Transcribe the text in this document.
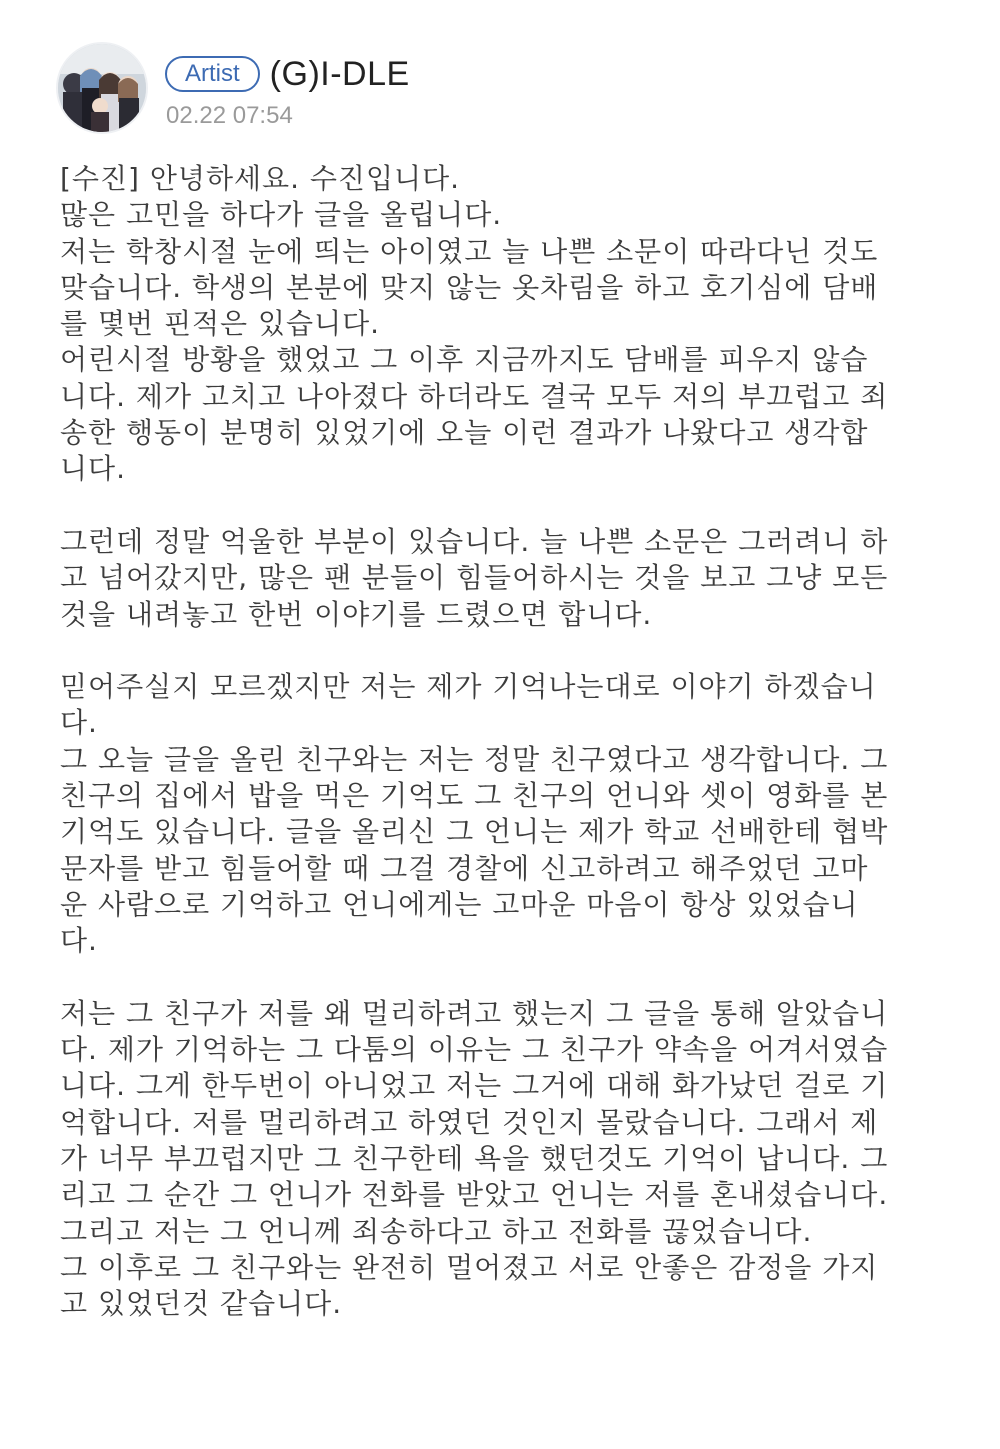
Artist (G)I-DLE
02.22 07:54
[수진] 안녕하세요. 수진입니다.
많은 고민을 하다가 글을 올립니다.
저는 학창시절 눈에 띄는 아이였고 늘 나쁜 소문이 따라다닌 것도
맞습니다. 학생의 본분에 맞지 않는 옷차림을 하고 호기심에 담배
를 몇번 핀적은 있습니다.
어린시절 방황을 했었고 그 이후 지금까지도 담배를 피우지 않습
니다. 제가 고치고 나아졌다 하더라도 결국 모두 저의 부끄럽고 죄
송한 행동이 분명히 있었기에 오늘 이런 결과가 나왔다고 생각합
니다.
그런데 정말 억울한 부분이 있습니다. 늘 나쁜 소문은 그러려니 하
고 넘어갔지만, 많은 팬 분들이 힘들어하시는 것을 보고 그냥 모든
것을 내려놓고 한번 이야기를 드렸으면 합니다.
믿어주실지 모르겠지만 저는 제가 기억나는대로 이야기 하겠습니
다.
그 오늘 글을 올린 친구와는 저는 정말 친구였다고 생각합니다. 그
친구의 집에서 밥을 먹은 기억도 그 친구의 언니와 셋이 영화를 본
기억도 있습니다. 글을 올리신 그 언니는 제가 학교 선배한테 협박
문자를 받고 힘들어할 때 그걸 경찰에 신고하려고 해주었던 고마
운 사람으로 기억하고 언니에게는 고마운 마음이 항상 있었습니
다.
저는 그 친구가 저를 왜 멀리하려고 했는지 그 글을 통해 알았습니
다. 제가 기억하는 그 다툼의 이유는 그 친구가 약속을 어겨서였습
니다. 그게 한두번이 아니었고 저는 그거에 대해 화가났던 걸로 기
억합니다. 저를 멀리하려고 하였던 것인지 몰랐습니다. 그래서 제
가 너무 부끄럽지만 그 친구한테 욕을 했던것도 기억이 납니다. 그
리고 그 순간 그 언니가 전화를 받았고 언니는 저를 혼내셨습니다.
그리고 저는 그 언니께 죄송하다고 하고 전화를 끊었습니다.
그 이후로 그 친구와는 완전히 멀어졌고 서로 안좋은 감정을 가지
고 있었던것 같습니다.
